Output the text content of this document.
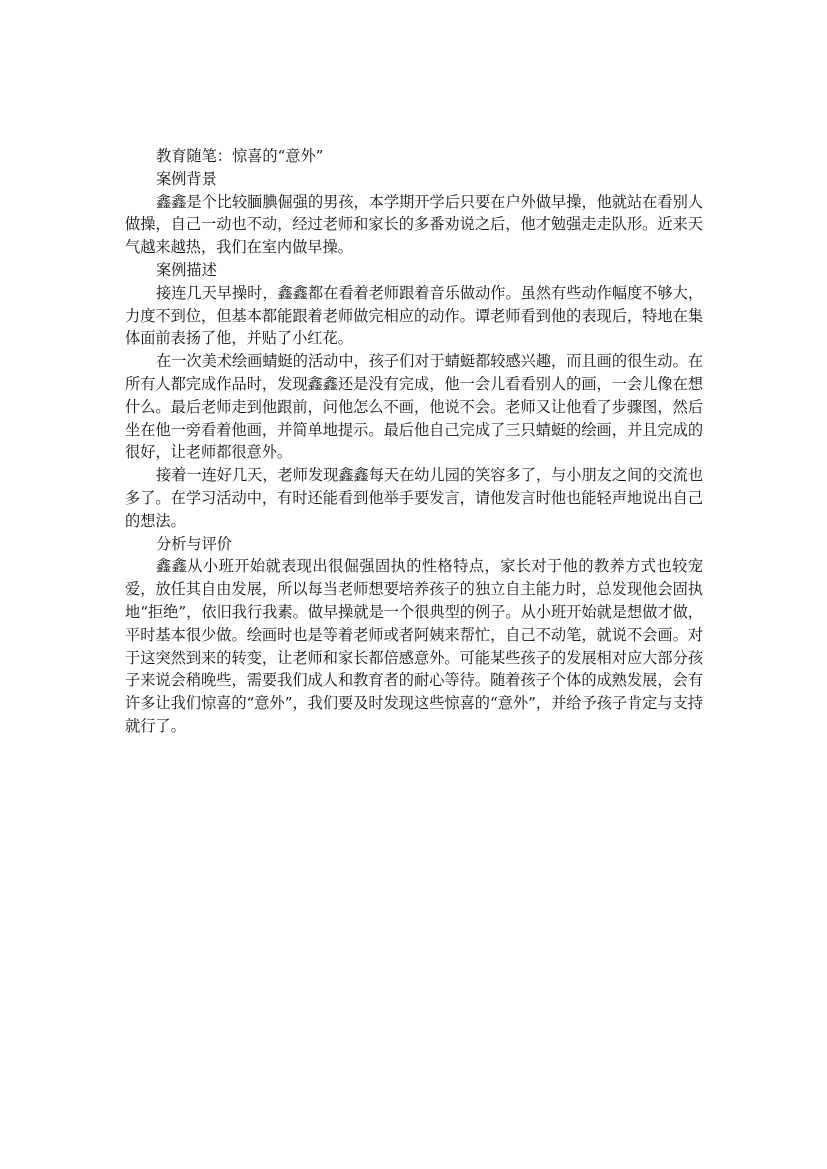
教育随笔：惊喜的“意外”

案例背景

鑫鑫是个比较腼腆倔强的男孩，本学期开学后只要在户外做早操，他就站在看别人做操，自己一动也不动，经过老师和家长的多番劝说之后，他才勉强走走队形。近来天气越来越热，我们在室内做早操。

案例描述

接连几天早操时，鑫鑫都在看着老师跟着音乐做动作。虽然有些动作幅度不够大，力度不到位，但基本都能跟着老师做完相应的动作。谭老师看到他的表现后，特地在集体面前表扬了他，并贴了小红花。

在一次美术绘画蜻蜓的活动中，孩子们对于蜻蜓都较感兴趣，而且画的很生动。在所有人都完成作品时，发现鑫鑫还是没有完成，他一会儿看看别人的画，一会儿像在想什么。最后老师走到他跟前，问他怎么不画，他说不会。老师又让他看了步骤图，然后坐在他一旁看着他画，并简单地提示。最后他自己完成了三只蜻蜓的绘画，并且完成的很好，让老师都很意外。

接着一连好几天，老师发现鑫鑫每天在幼儿园的笑容多了，与小朋友之间的交流也多了。在学习活动中，有时还能看到他举手要发言，请他发言时他也能轻声地说出自己的想法。

分析与评价

鑫鑫从小班开始就表现出很倔强固执的性格特点，家长对于他的教养方式也较宠爱，放任其自由发展，所以每当老师想要培养孩子的独立自主能力时，总发现他会固执地“拒绝”，依旧我行我素。做早操就是一个很典型的例子。从小班开始就是想做才做，平时基本很少做。绘画时也是等着老师或者阿姨来帮忙，自己不动笔，就说不会画。对于这突然到来的转变，让老师和家长都倍感意外。可能某些孩子的发展相对应大部分孩子来说会稍晚些，需要我们成人和教育者的耐心等待。随着孩子个体的成熟发展，会有许多让我们惊喜的“意外”，我们要及时发现这些惊喜的“意外”，并给予孩子肯定与支持就行了。
